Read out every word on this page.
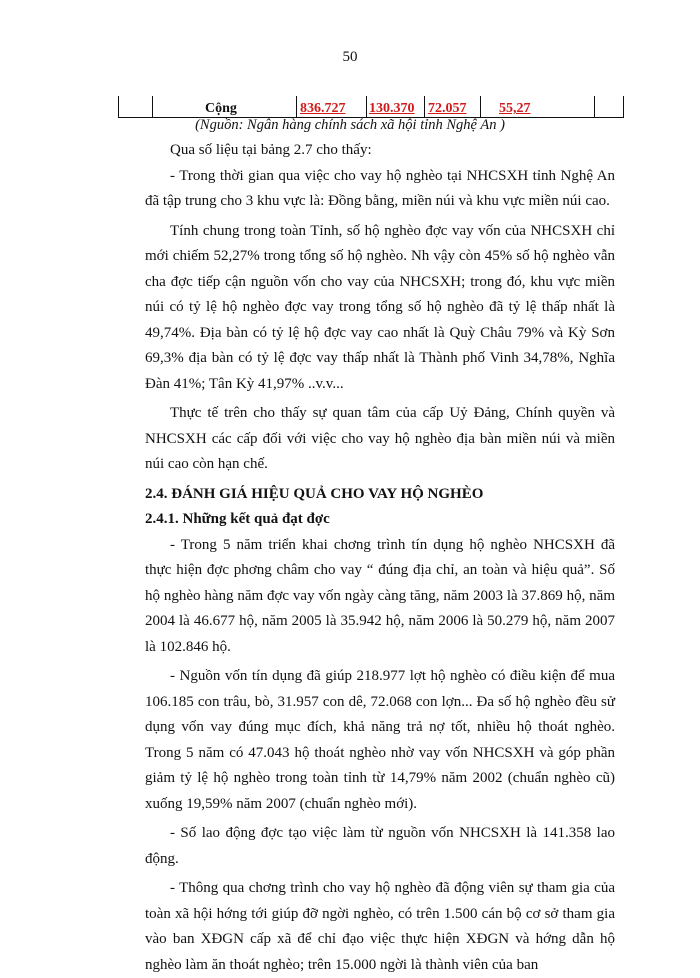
50
Cộng	836.727 130.370 72.057 55,27
(Nguồn: Ngân hàng chính sách xã hội tỉnh Nghệ An )

Qua số liệu tại bảng 2.7 cho thấy:

- Trong thời gian qua việc cho vay hộ nghèo tại NHCSXH tỉnh Nghệ An đã tập trung cho 3 khu vực là: Đồng bằng, miền núi và khu vực miền núi cao.

Tính chung trong toàn Tỉnh, số hộ nghèo đợc vay vốn của NHCSXH chỉ mới chiếm 52,27% trong tổng số hộ nghèo. Nh vậy còn 45% số hộ nghèo vẫn cha đợc tiếp cận nguồn vốn cho vay của NHCSXH; trong đó, khu vực miền núi có tỷ lệ hộ nghèo đợc vay trong tổng số hộ nghèo đã tỷ lệ thấp nhất là 49,74%. Địa bàn có tỷ lệ hộ đợc vay cao nhất là Quỳ Châu 79% và Kỳ Sơn 69,3% địa bàn có tỷ lệ đợc vay thấp nhất là Thành phố Vinh 34,78%, Nghĩa Đàn 41%; Tân Kỳ 41,97% ..v.v...

Thực tế trên cho thấy sự quan tâm của cấp Uỷ Đảng, Chính quyền và NHCSXH các cấp đối với việc cho vay hộ nghèo địa bàn miền núi và miền núi cao còn hạn chế.

2.4. ĐÁNH GIÁ HIỆU QUẢ CHO VAY HỘ NGHÈO

2.4.1. Những kết quả đạt đợc

- Trong 5 năm triển khai chơng trình tín dụng hộ nghèo NHCSXH đã thực hiện đợc phơng châm cho vay “ đúng địa chỉ, an toàn và hiệu quả”. Số hộ nghèo hàng năm đợc vay vốn ngày càng tăng, năm 2003 là 37.869 hộ, năm 2004 là 46.677 hộ, năm 2005 là 35.942 hộ, năm 2006 là 50.279 hộ, năm 2007 là 102.846 hộ.

- Nguồn vốn tín dụng đã giúp 218.977 lợt hộ nghèo có điều kiện để mua 106.185 con trâu, bò, 31.957 con dê, 72.068 con lợn... Đa số hộ nghèo đều sử dụng vốn vay đúng mục đích, khả năng trả nợ tốt, nhiều hộ thoát nghèo. Trong 5 năm có 47.043 hộ thoát nghèo nhờ vay vốn NHCSXH và góp phần giảm tỷ lệ hộ nghèo trong toàn tỉnh từ 14,79% năm 2002 (chuẩn nghèo cũ) xuống 19,59% năm 2007 (chuẩn nghèo mới).

- Số lao động đợc tạo việc làm từ nguồn vốn NHCSXH là 141.358 lao động.

- Thông qua chơng trình cho vay hộ nghèo đã động viên sự tham gia của toàn xã hội hớng tới giúp đỡ ngời nghèo, có trên 1.500 cán bộ cơ sở tham gia vào ban XĐGN cấp xã để chỉ đạo việc thực hiện XĐGN và hớng dẫn hộ nghèo làm ăn thoát nghèo; trên 15.000 ngời là thành viên của ban
